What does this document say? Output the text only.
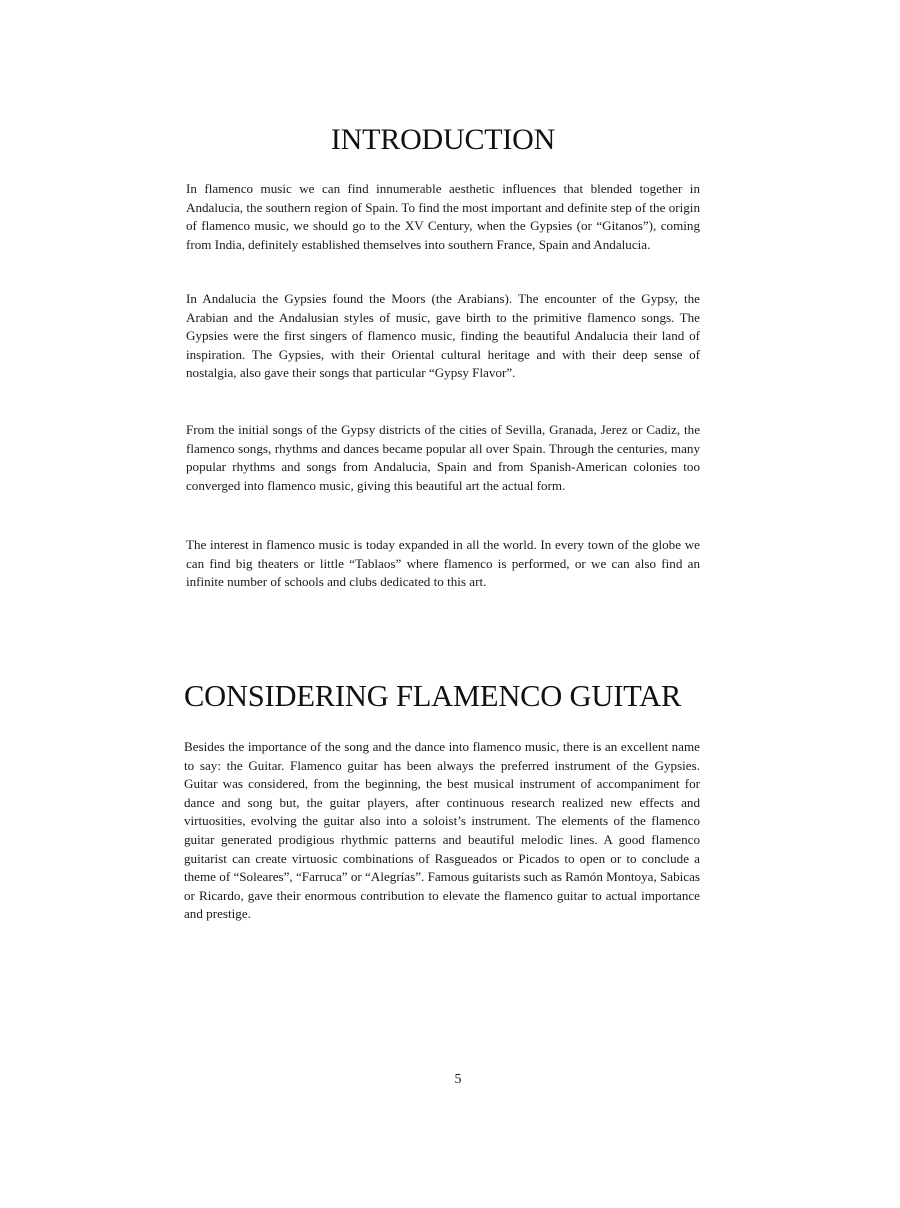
INTRODUCTION

In flamenco music we can find innumerable aesthetic influences that blended together in Andalucia, the southern region of Spain. To find the most important and definite step of the origin of flamenco music, we should go to the XV Century, when the Gypsies (or “Gitanos”), coming from India, definitely established themselves into southern France, Spain and Andalucia.

In Andalucia the Gypsies found the Moors (the Arabians). The encounter of the Gypsy, the Arabian and the Andalusian styles of music, gave birth to the primitive flamenco songs. The Gypsies were the first singers of flamenco music, finding the beautiful Andalucia their land of inspiration. The Gypsies, with their Oriental cultural heritage and with their deep sense of nostalgia, also gave their songs that particular “Gypsy Flavor”.

From the initial songs of the Gypsy districts of the cities of Sevilla, Granada, Jerez or Cadiz, the flamenco songs, rhythms and dances became popular all over Spain. Through the centuries, many popular rhythms and songs from Andalucia, Spain and from Spanish-American colonies too converged into flamenco music, giving this beautiful art the actual form.

The interest in flamenco music is today expanded in all the world. In every town of the globe we can find big theaters or little “Tablaos” where flamenco is performed, or we can also find an infinite number of schools and clubs dedicated to this art.

CONSIDERING FLAMENCO GUITAR

Besides the importance of the song and the dance into flamenco music, there is an excellent name to say: the Guitar. Flamenco guitar has been always the preferred instrument of the Gypsies. Guitar was considered, from the beginning, the best musical instrument of accompaniment for dance and song but, the guitar players, after continuous research realized new effects and virtuosities, evolving the guitar also into a soloist’s instrument. The elements of the flamenco guitar generated prodigious rhythmic patterns and beautiful melodic lines. A good flamenco guitarist can create virtuosic combinations of Rasgueados or Picados to open or to conclude a theme of “Soleares”, “Farruca” or “Alegrías”. Famous guitarists such as Ramón Montoya, Sabicas or Ricardo, gave their enormous contribution to elevate the flamenco guitar to actual importance and prestige.

5
